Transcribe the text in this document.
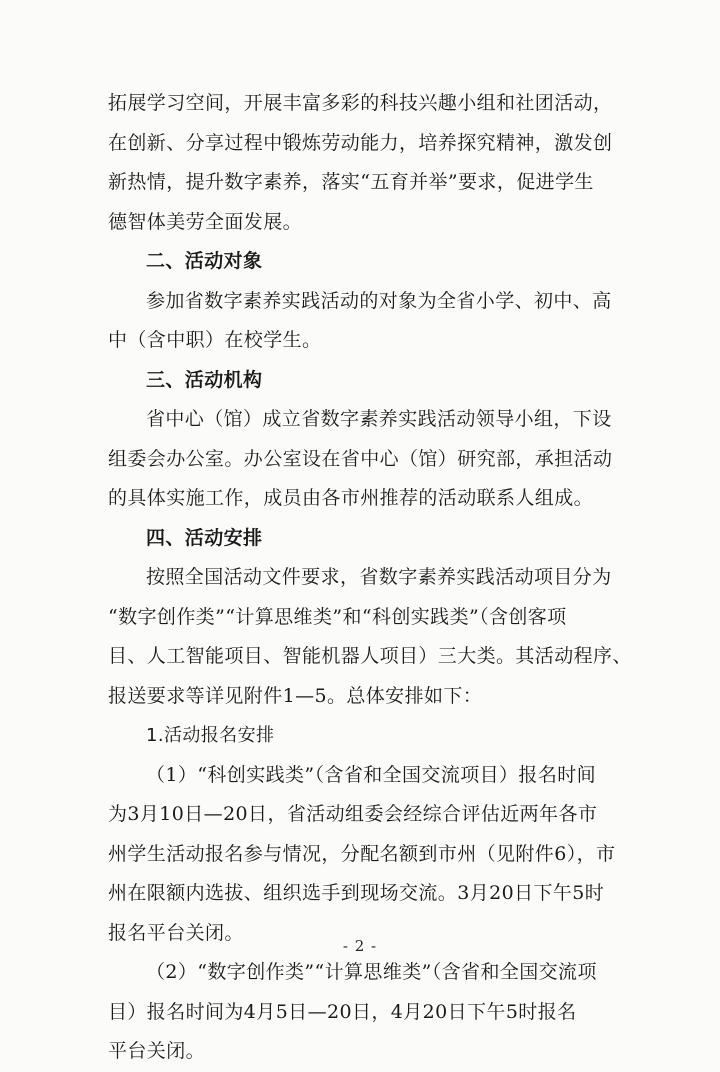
拓展学习空间，开展丰富多彩的科技兴趣小组和社团活动，
在创新、分享过程中锻炼劳动能力，培养探究精神，激发创
新热情，提升数字素养，落实“五育并举”要求，促进学生
德智体美劳全面发展。
二、活动对象
参加省数字素养实践活动的对象为全省小学、初中、高
中（含中职）在校学生。
三、活动机构
省中心（馆）成立省数字素养实践活动领导小组，下设
组委会办公室。办公室设在省中心（馆）研究部，承担活动
的具体实施工作，成员由各市州推荐的活动联系人组成。
四、活动安排
按照全国活动文件要求，省数字素养实践活动项目分为
“数字创作类”“计算思维类”和“科创实践类”（含创客项
目、人工智能项目、智能机器人项目）三大类。其活动程序、
报送要求等详见附件1—5。总体安排如下：
1.活动报名安排
（1）“科创实践类”（含省和全国交流项目）报名时间
为3月10日—20日，省活动组委会经综合评估近两年各市
州学生活动报名参与情况，分配名额到市州（见附件6），市
州在限额内选拔、组织选手到现场交流。3月20日下午5时
报名平台关闭。
（2）“数字创作类”“计算思维类”（含省和全国交流项
目）报名时间为4月5日—20日，4月20日下午5时报名
平台关闭。
- 2 -
